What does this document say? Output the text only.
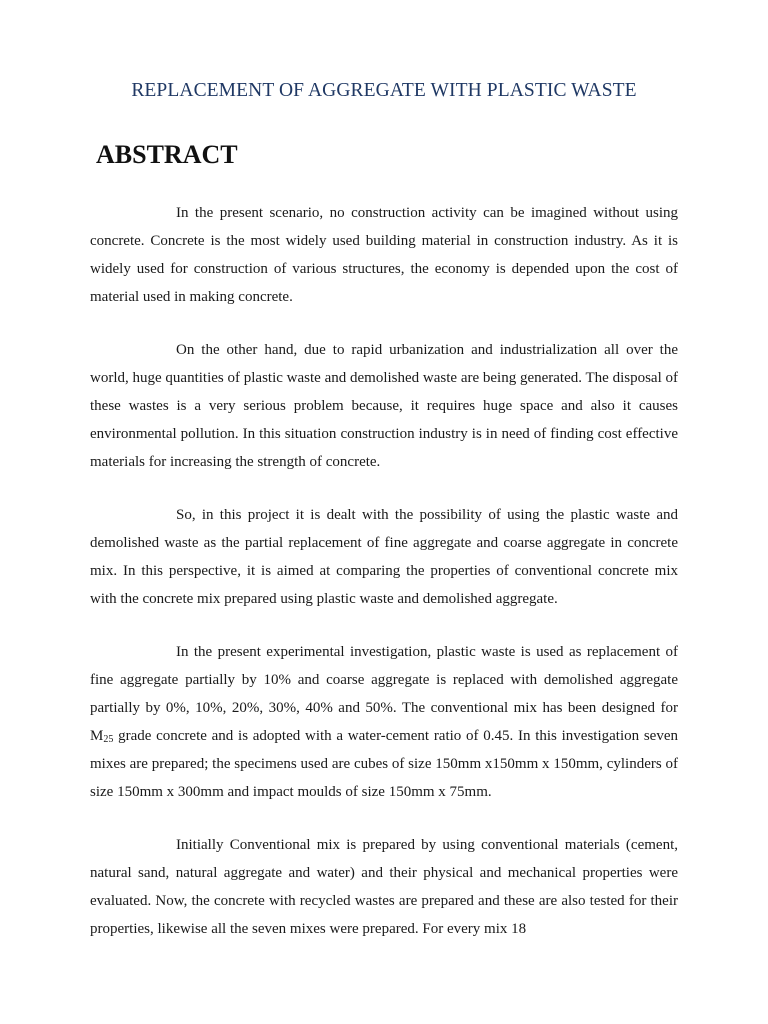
REPLACEMENT OF AGGREGATE WITH PLASTIC WASTE
ABSTRACT

In the present scenario, no construction activity can be imagined without using concrete. Concrete is the most widely used building material in construction industry. As it is widely used for construction of various structures, the economy is depended upon the cost of material used in making concrete.

On the other hand, due to rapid urbanization and industrialization all over the world, huge quantities of plastic waste and demolished waste are being generated. The disposal of these wastes is a very serious problem because, it requires huge space and also it causes environmental pollution. In this situation construction industry is in need of finding cost effective materials for increasing the strength of concrete.

So, in this project it is dealt with the possibility of using the plastic waste and demolished waste as the partial replacement of fine aggregate and coarse aggregate in concrete mix. In this perspective, it is aimed at comparing the properties of conventional concrete mix with the concrete mix prepared using plastic waste and demolished aggregate.

In the present experimental investigation, plastic waste is used as replacement of fine aggregate partially by 10% and coarse aggregate is replaced with demolished aggregate partially by 0%, 10%, 20%, 30%, 40% and 50%. The conventional mix has been designed for $M_{25}$ grade concrete and is adopted with a water-cement ratio of 0.45. In this investigation seven mixes are prepared; the specimens used are cubes of size 150mm x150mm x 150mm, cylinders of size 150mm x 300mm and impact moulds of size 150mm x 75mm.

Initially Conventional mix is prepared by using conventional materials (cement, natural sand, natural aggregate and water) and their physical and mechanical properties were evaluated. Now, the concrete with recycled wastes are prepared and these are also tested for their properties, likewise all the seven mixes were prepared. For every mix 18
